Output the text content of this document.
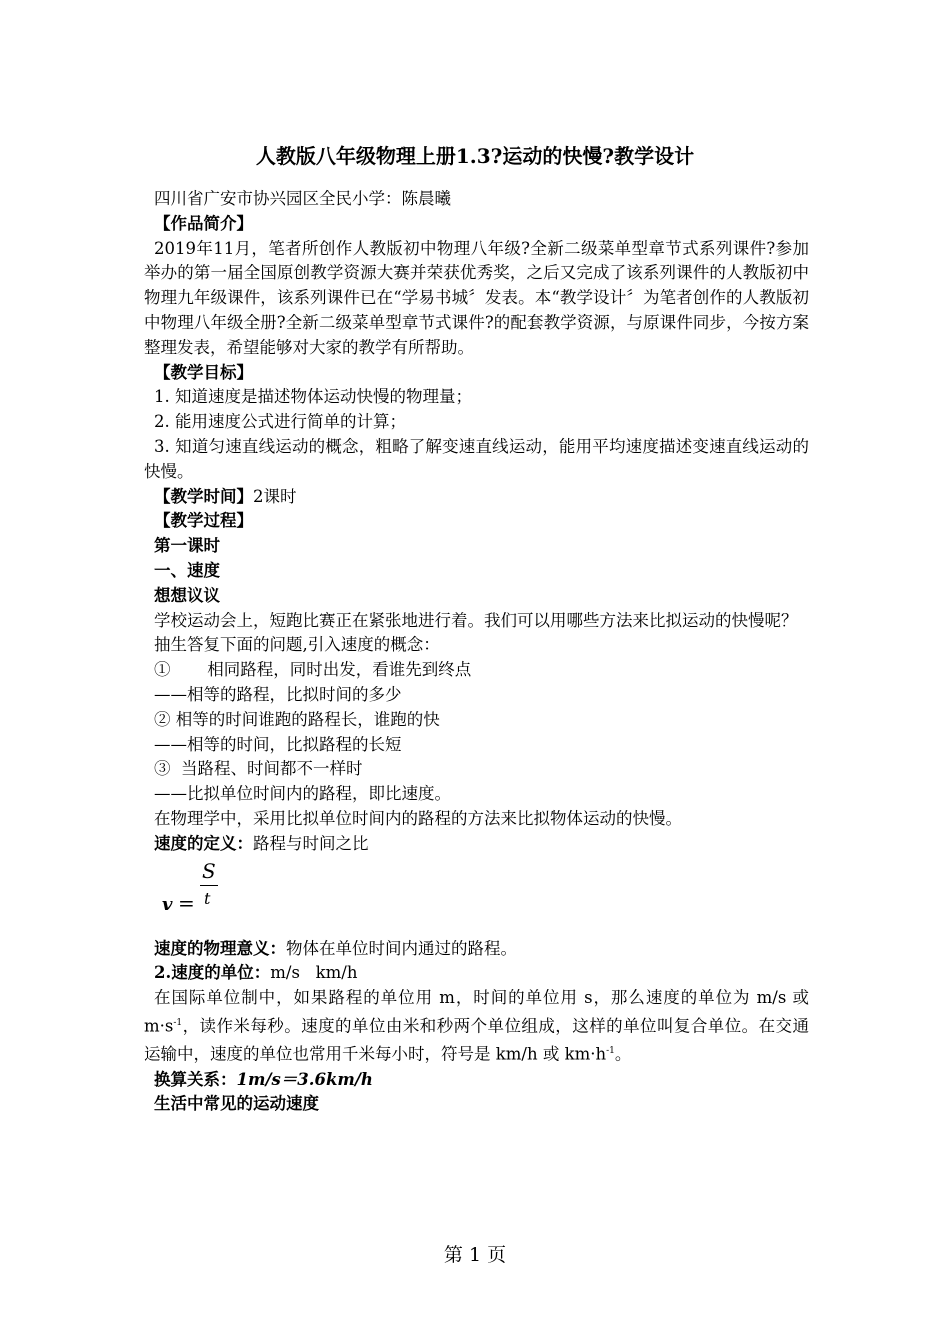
人教版八年级物理上册1.3?运动的快慢?教学设计
四川省广安市协兴园区全民小学：陈晨曦
【作品简介】
2019年11月，笔者所创作人教版初中物理八年级?全新二级菜单型章节式系列课件?参加举办的第一届全国原创教学资源大赛并荣获优秀奖，之后又完成了该系列课件的人教版初中物理九年级课件，该系列课件已在“学易书城〞发表。本“教学设计〞为笔者创作的人教版初中物理八年级全册?全新二级菜单型章节式课件?的配套教学资源，与原课件同步，今按方案整理发表，希望能够对大家的教学有所帮助。
【教学目标】
1. 知道速度是描述物体运动快慢的物理量；
2. 能用速度公式进行简单的计算；
3. 知道匀速直线运动的概念，粗略了解变速直线运动，能用平均速度描述变速直线运动的快慢。
【教学时间】2课时
【教学过程】
第一课时
一、速度
想想议议
学校运动会上，短跑比赛正在紧张地进行着。我们可以用哪些方法来比拟运动的快慢呢？
抽生答复下面的问题,引入速度的概念：
①       相同路程，同时出发，看谁先到终点
——相等的路程，比拟时间的多少
② 相等的时间谁跑的路程长，谁跑的快
——相等的时间，比拟路程的长短
③  当路程、时间都不一样时
——比拟单位时间内的路程，即比速度。
在物理学中，采用比拟单位时间内的路程的方法来比拟物体运动的快慢。
速度的定义：路程与时间之比
v =
S
t
速度的物理意义：物体在单位时间内通过的路程。
2.速度的单位：m/s   km/h
在国际单位制中，如果路程的单位用 m，时间的单位用 s，那么速度的单位为 m/s 或 $m\cdot s^{-1}$，读作米每秒。速度的单位由米和秒两个单位组成，这样的单位叫复合单位。在交通运输中，速度的单位也常用千米每小时，符号是 km/h 或 $km\cdot h^{-1}$。
换算关系：1m/s＝3.6km/h
生活中常见的运动速度
第 1 页
